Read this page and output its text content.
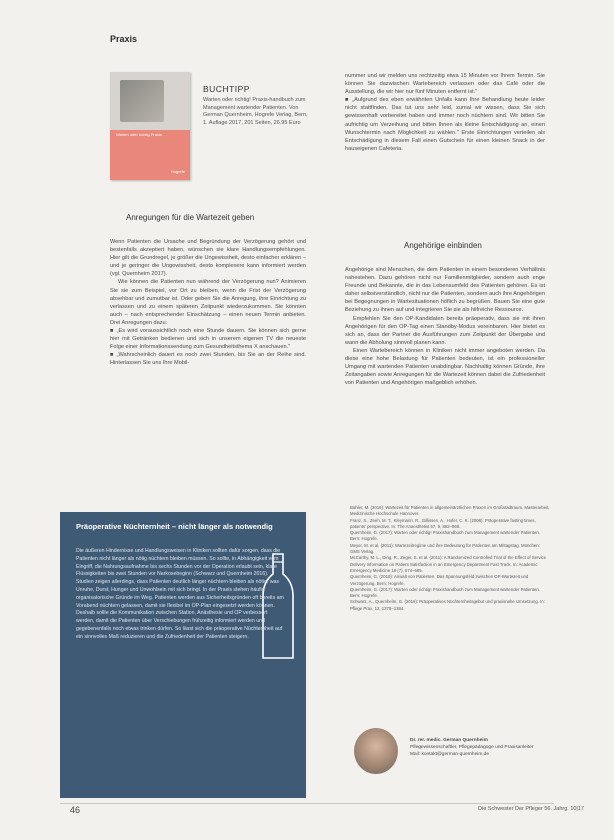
Praxis
Warten oder richtig Praxis
Hogrefe
BUCHTIPP
Warten oder richtig! Praxis-handbuch zum Management wartender Patienten. Von German Quernheim, Hogrefe Verlag, Bern, 1. Auflage 2017, 201 Seiten, 26.95 Euro
Anregungen für die Wartezeit geben

Wenn Patienten die Ursache und Begründung der Verzögerung gehört und bestenfalls akzeptiert haben, wünschen sie klare Handlungsempfehlungen. Hier gilt die Grundregel, je größer die Ungewissheit, desto einfacher erklären – und je geringer die Ungewissheit, desto komplexere kann informiert werden (vgl. Quernheim 2017).

Wie können die Patienten nun während der Verzögerung nun? Animieren Sie sie zum Beispiel, vor Ort zu bleiben, wenn die Frist der Verzögerung absehbar und zumutbar ist. Oder geben Sie die Anregung, ihre Einrichtung zu verlassen und zu einem späteren Zeitpunkt wiederzukommen. Sie könnten auch – nach entsprechender Einschätzung – einen neuen Termin anbieten. Drei Anregungen dazu:

■ „Es wird voraussichtlich noch eine Stunde dauern. Sie können sich gerne hier mit Getränken bedienen und sich in unserem eigenen TV die neueste Folge einer Informationssendung zum Gesundheitsthema X anschauen."

■ „Wahrscheinlich dauert es noch zwei Stunden, bis Sie an der Reihe sind. Hinterlassen Sie uns Ihre Mobil-

nummer und wir melden uns rechtzeitig etwa 15 Minuten vor Ihrem Termin. Sie können Sie dazwischen Wartebereich verlassen oder das Café oder die Ausstellung, die wir hier nur fünf Minuten entfernt ist."

■ „Aufgrund des eben erwähnten Unfalls kann Ihre Behandlung heute leider nicht stattfinden. Das tut uns sehr leid, zumal wir wissen, dass Sie sich gewissenhaft vorbereitet haben und immer noch nüchtern sind. Wir bitten Sie aufrichtig um Verzeihung und bitten Ihnen als kleine Entschädigung an, einen Wunschtermin nach Möglichkeit zu wählen." Erste Einrichtungen verteilen als Entschädigung in diesem Fall einen Gutschein für einen kleinen Snack in der hauseigenen Cafeteria.

Angehörige einbinden

Angehörige sind Menschen, die dem Patienten in einem besonderen Verhältnis nahestehen. Dazu gehören nicht nur Familienmitglieder, sondern auch enge Freunde und Bekannte, die in das Lebensumfeld des Patienten gehören. Es ist daher selbstverständlich, nicht nur die Patienten, sondern auch ihre Angehörigen bei Begegnungen in Wartesituationen höflich zu begrüßen. Bauen Sie eine gute Beziehung zu ihnen auf und integrieren Sie sie als hilfreiche Ressource.

Empfehlen Sie den OP-Kandidaten bereits präoperativ, dass sie mit ihren Angehörigen für den OP-Tag einen Standby-Modus vereinbaren. Hier bietet es sich an, dass der Partner die Ausführungen zum Zeitpunkt der Übergabe und wann die Abholung sinnvoll planen kann.

Einen Wartebereich können in Kliniken nicht immer angeboten werden. Da diese eine hohe Belastung für Patienten bedeuten, ist ein professioneller Umgang mit wartenden Patienten unabdingbar. Nachhaltig können Gründe, ihre Zeitangaben sowie Anregungen für die Wartezeit können dabei die Zufriedenheit von Patienten und Angehörigen maßgeblich erhöhen.

Präoperative Nüchternheit – nicht länger als notwendig
Die äußeren Hindernisse und Handlungsweisen in Kliniken sollten dafür sorgen, dass die Patienten nicht länger als nötig nüchtern bleiben müssen. So sollte, in Abhängigkeit vom Eingriff, die Nahrungsaufnahme bis sechs Stunden vor der Operation erlaubt sein, klare Flüssigkeiten bis zwei Stunden vor Narkosebeginn (Schwarz und Quernheim 2016). Studien zeigen allerdings, dass Patienten deutlich länger nüchtern bleiben als nötig, was Unruhe, Durst, Hunger und Unwohlsein mit sich bringt. In der Praxis stehen häufig organisatorische Gründe im Weg. Patienten werden aus Sicherheitsgründen oft bereits am Vorabend nüchtern gelassen, damit sie flexibel im OP-Plan eingesetzt werden können. Deshalb sollte die Kommunikation zwischen Station, Anästhesie und OP verbessert werden, damit die Patienten über Verschiebungen frühzeitig informiert werden und gegebenenfalls noch etwas trinken dürfen. So lässt sich die präoperative Nüchternheit auf ein sinnvolles Maß reduzieren und die Zufriedenheit der Patienten steigern.

Bühler, M. (2016): Wartezeit für Patienten in allgemeinärztlichen Praxen im Großstadtraum. Masterarbeit, Medizinische Hochschule Hannover.

Franz, S., Zeeh, M. T., Kleymann, R., Gillissen, A., Hofer, C. K. (2008): Präoperative fasting times, patients' perspective. In: The Anaesthetist 57, 9, 862–869.

Quernheim, G. (2017): Warten oder richtig! Praxishandbuch zum Management wartender Patienten. Bern: Hogrefe.

Meyer, M. et al. (2011): Wartezeitregime und ihre Bedeutung für Patienten am Mittagstag. München: GMS Verlag.

McCarthy, M. L., Ding, R., Zeger, S. et al. (2011): A Randomized Controlled Trial of the Effect of Service Delivery Information on Patient Satisfaction in an Emergency Department Fast Track. In: Academic Emergency Medicine 18 (7), 674–685.

Quernheim, G. (2018): Anwalt von Patienten. Das Spannungsfeld zwischen OP-Wartezeit und Verzögerung. Bern: Hogrefe.

Quernheim, G. (2017): Warten oder richtig! Praxishandbuch zum Management wartender Patienten. Bern: Hogrefe.

Schwarz, A., Quernheim, G. (2016): Präoperatives Nüchternheitsgebot und praxisnahe Umsetzung. In: Pflege Prax. 12, 1378–1384.

Dr. rer. medic. German Quernheim
Pflegewissenschaftler, Pflegepädagoge und Praxisanleiter
Mail: kontakt@german-quernheim.de
46	Die Schwester Der Pfleger 56. Jahrg. 10|17
